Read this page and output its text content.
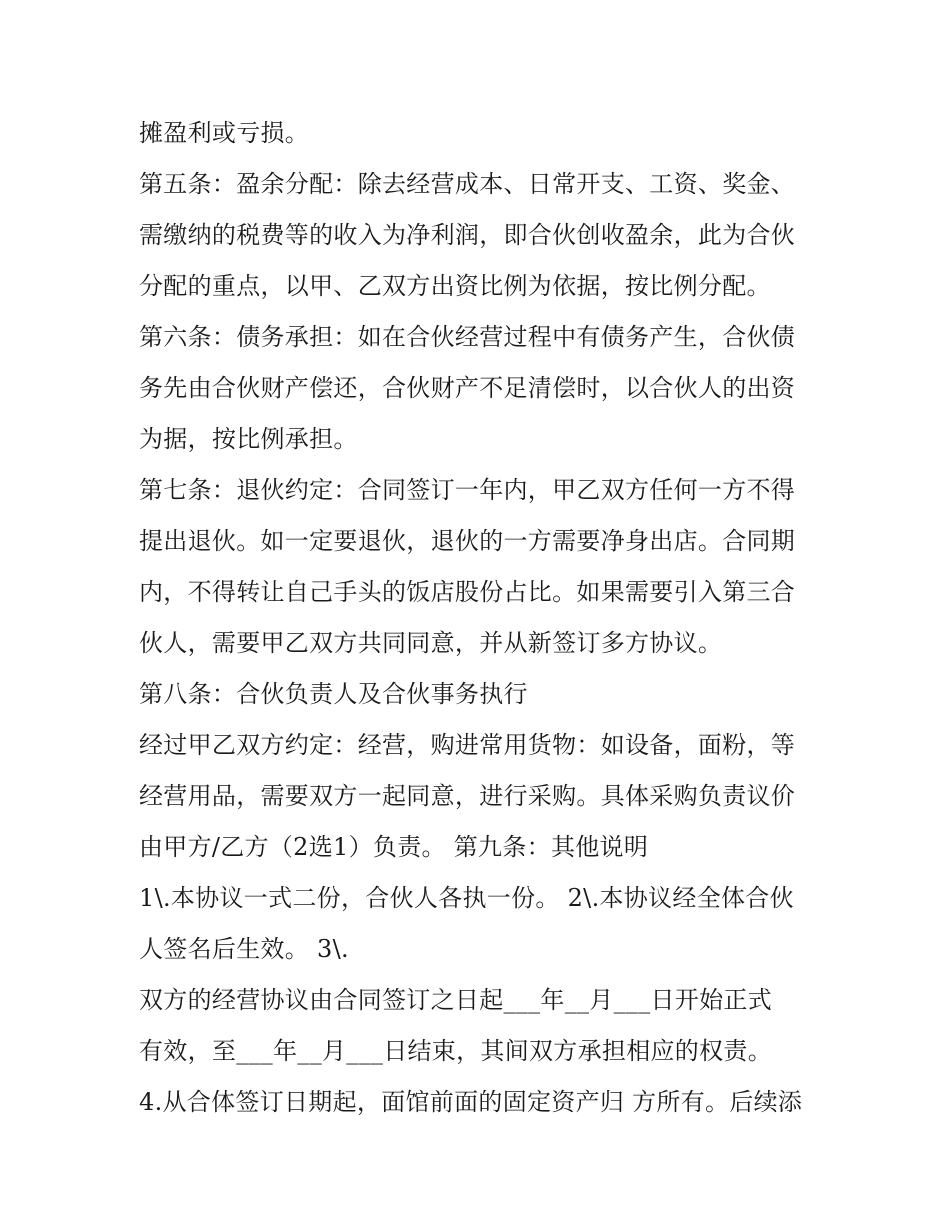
摊盈利或亏损。
第五条：盈余分配：除去经营成本、日常开支、工资、奖金、
需缴纳的税费等的收入为净利润，即合伙创收盈余，此为合伙
分配的重点，以甲、乙双方出资比例为依据，按比例分配。
第六条：债务承担：如在合伙经营过程中有债务产生，合伙债
务先由合伙财产偿还，合伙财产不足清偿时，以合伙人的出资
为据，按比例承担。
第七条：退伙约定：合同签订一年内，甲乙双方任何一方不得
提出退伙。如一定要退伙，退伙的一方需要净身出店。合同期
内，不得转让自己手头的饭店股份占比。如果需要引入第三合
伙人，需要甲乙双方共同同意，并从新签订多方协议。
第八条：合伙负责人及合伙事务执行
经过甲乙双方约定：经营，购进常用货物：如设备，面粉，等
经营用品，需要双方一起同意，进行采购。具体采购负责议价
由甲方/乙方（2选1）负责。 第九条：其他说明
1\.本协议一式二份，合伙人各执一份。 2\.本协议经全体合伙
人签名后生效。 3\.
双方的经营协议由合同签订之日起___年__月___日开始正式
有效，至___年__月___日结束，其间双方承担相应的权责。
4.从合体签订日期起，面馆前面的固定资产归 方所有。后续添
